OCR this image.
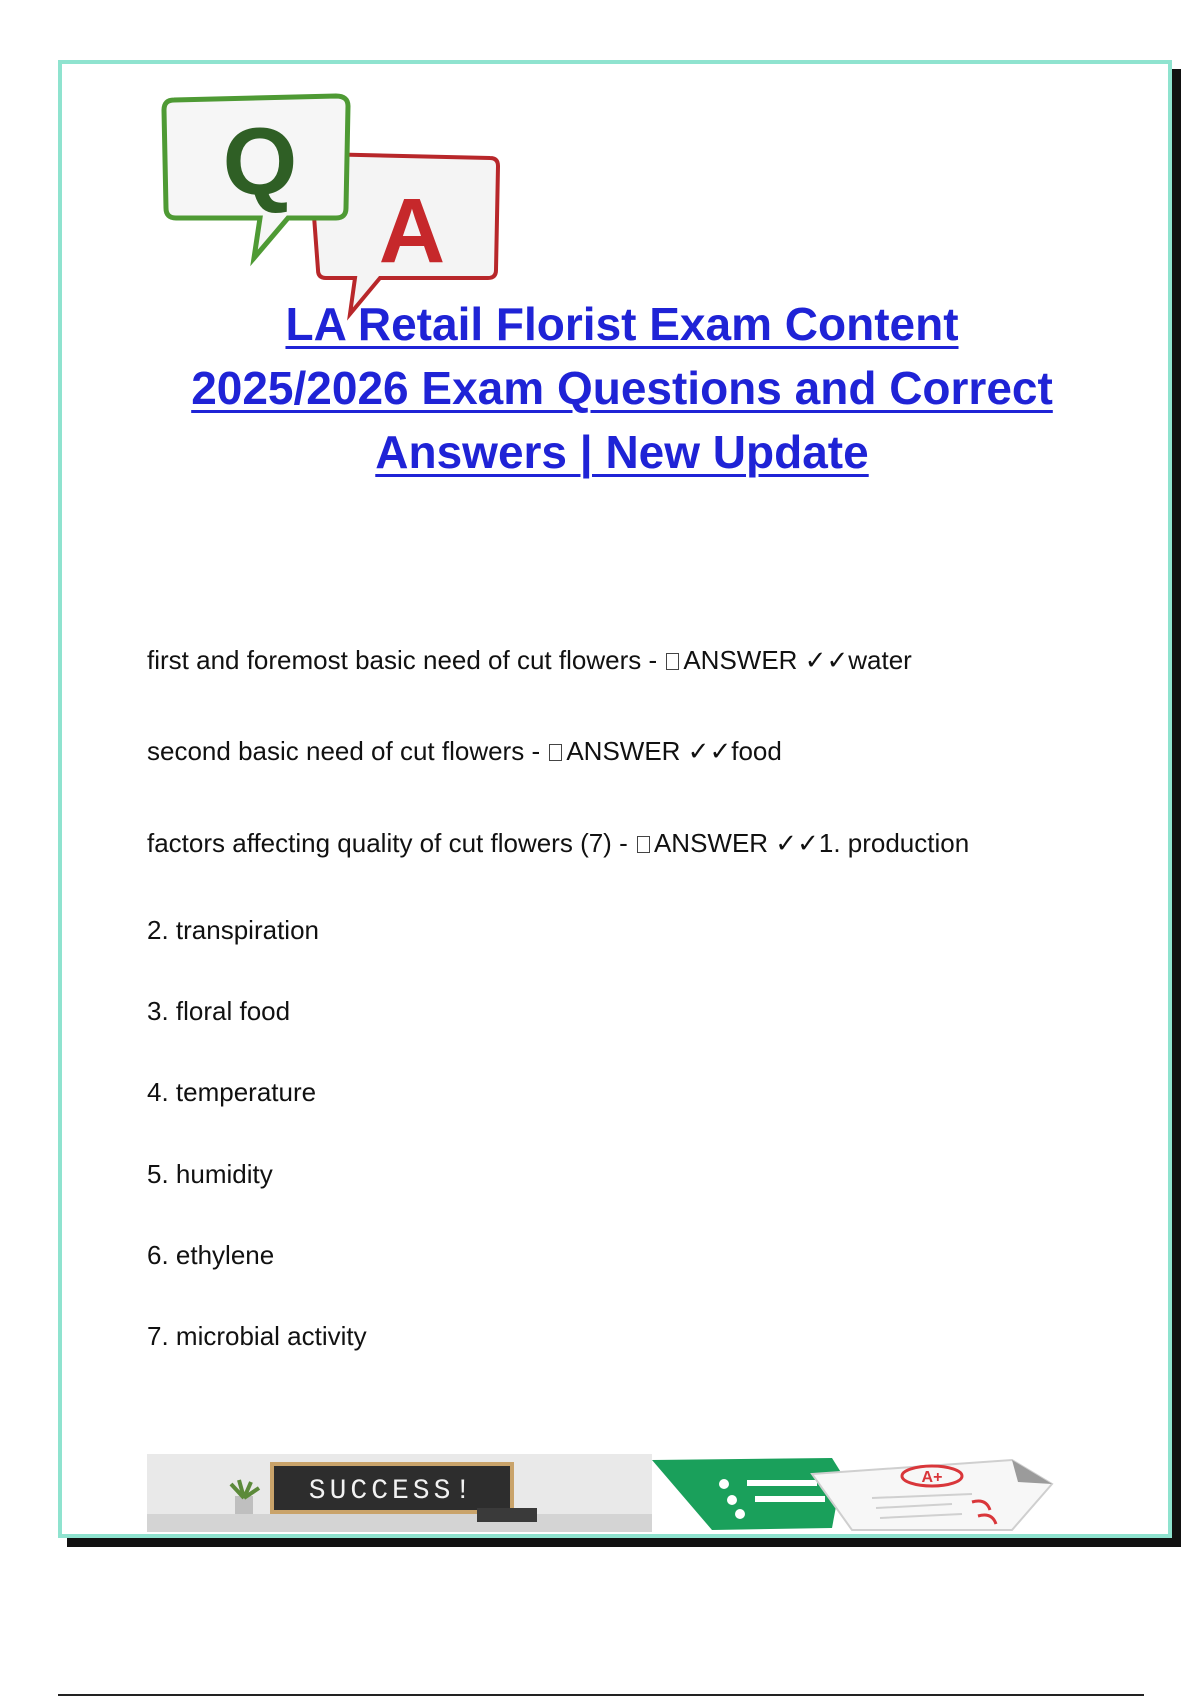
A
Q
LA Retail Florist Exam Content
2025/2026 Exam Questions and Correct
Answers | New Update
first and foremost basic need of cut flowers - ANSWER ✓✓water
second basic need of cut flowers - ANSWER ✓✓food
factors affecting quality of cut flowers (7) - ANSWER ✓✓1. production
2. transpiration
3. floral food
4. temperature
5. humidity
6. ethylene
7. microbial activity
SUCCESS!	A+
